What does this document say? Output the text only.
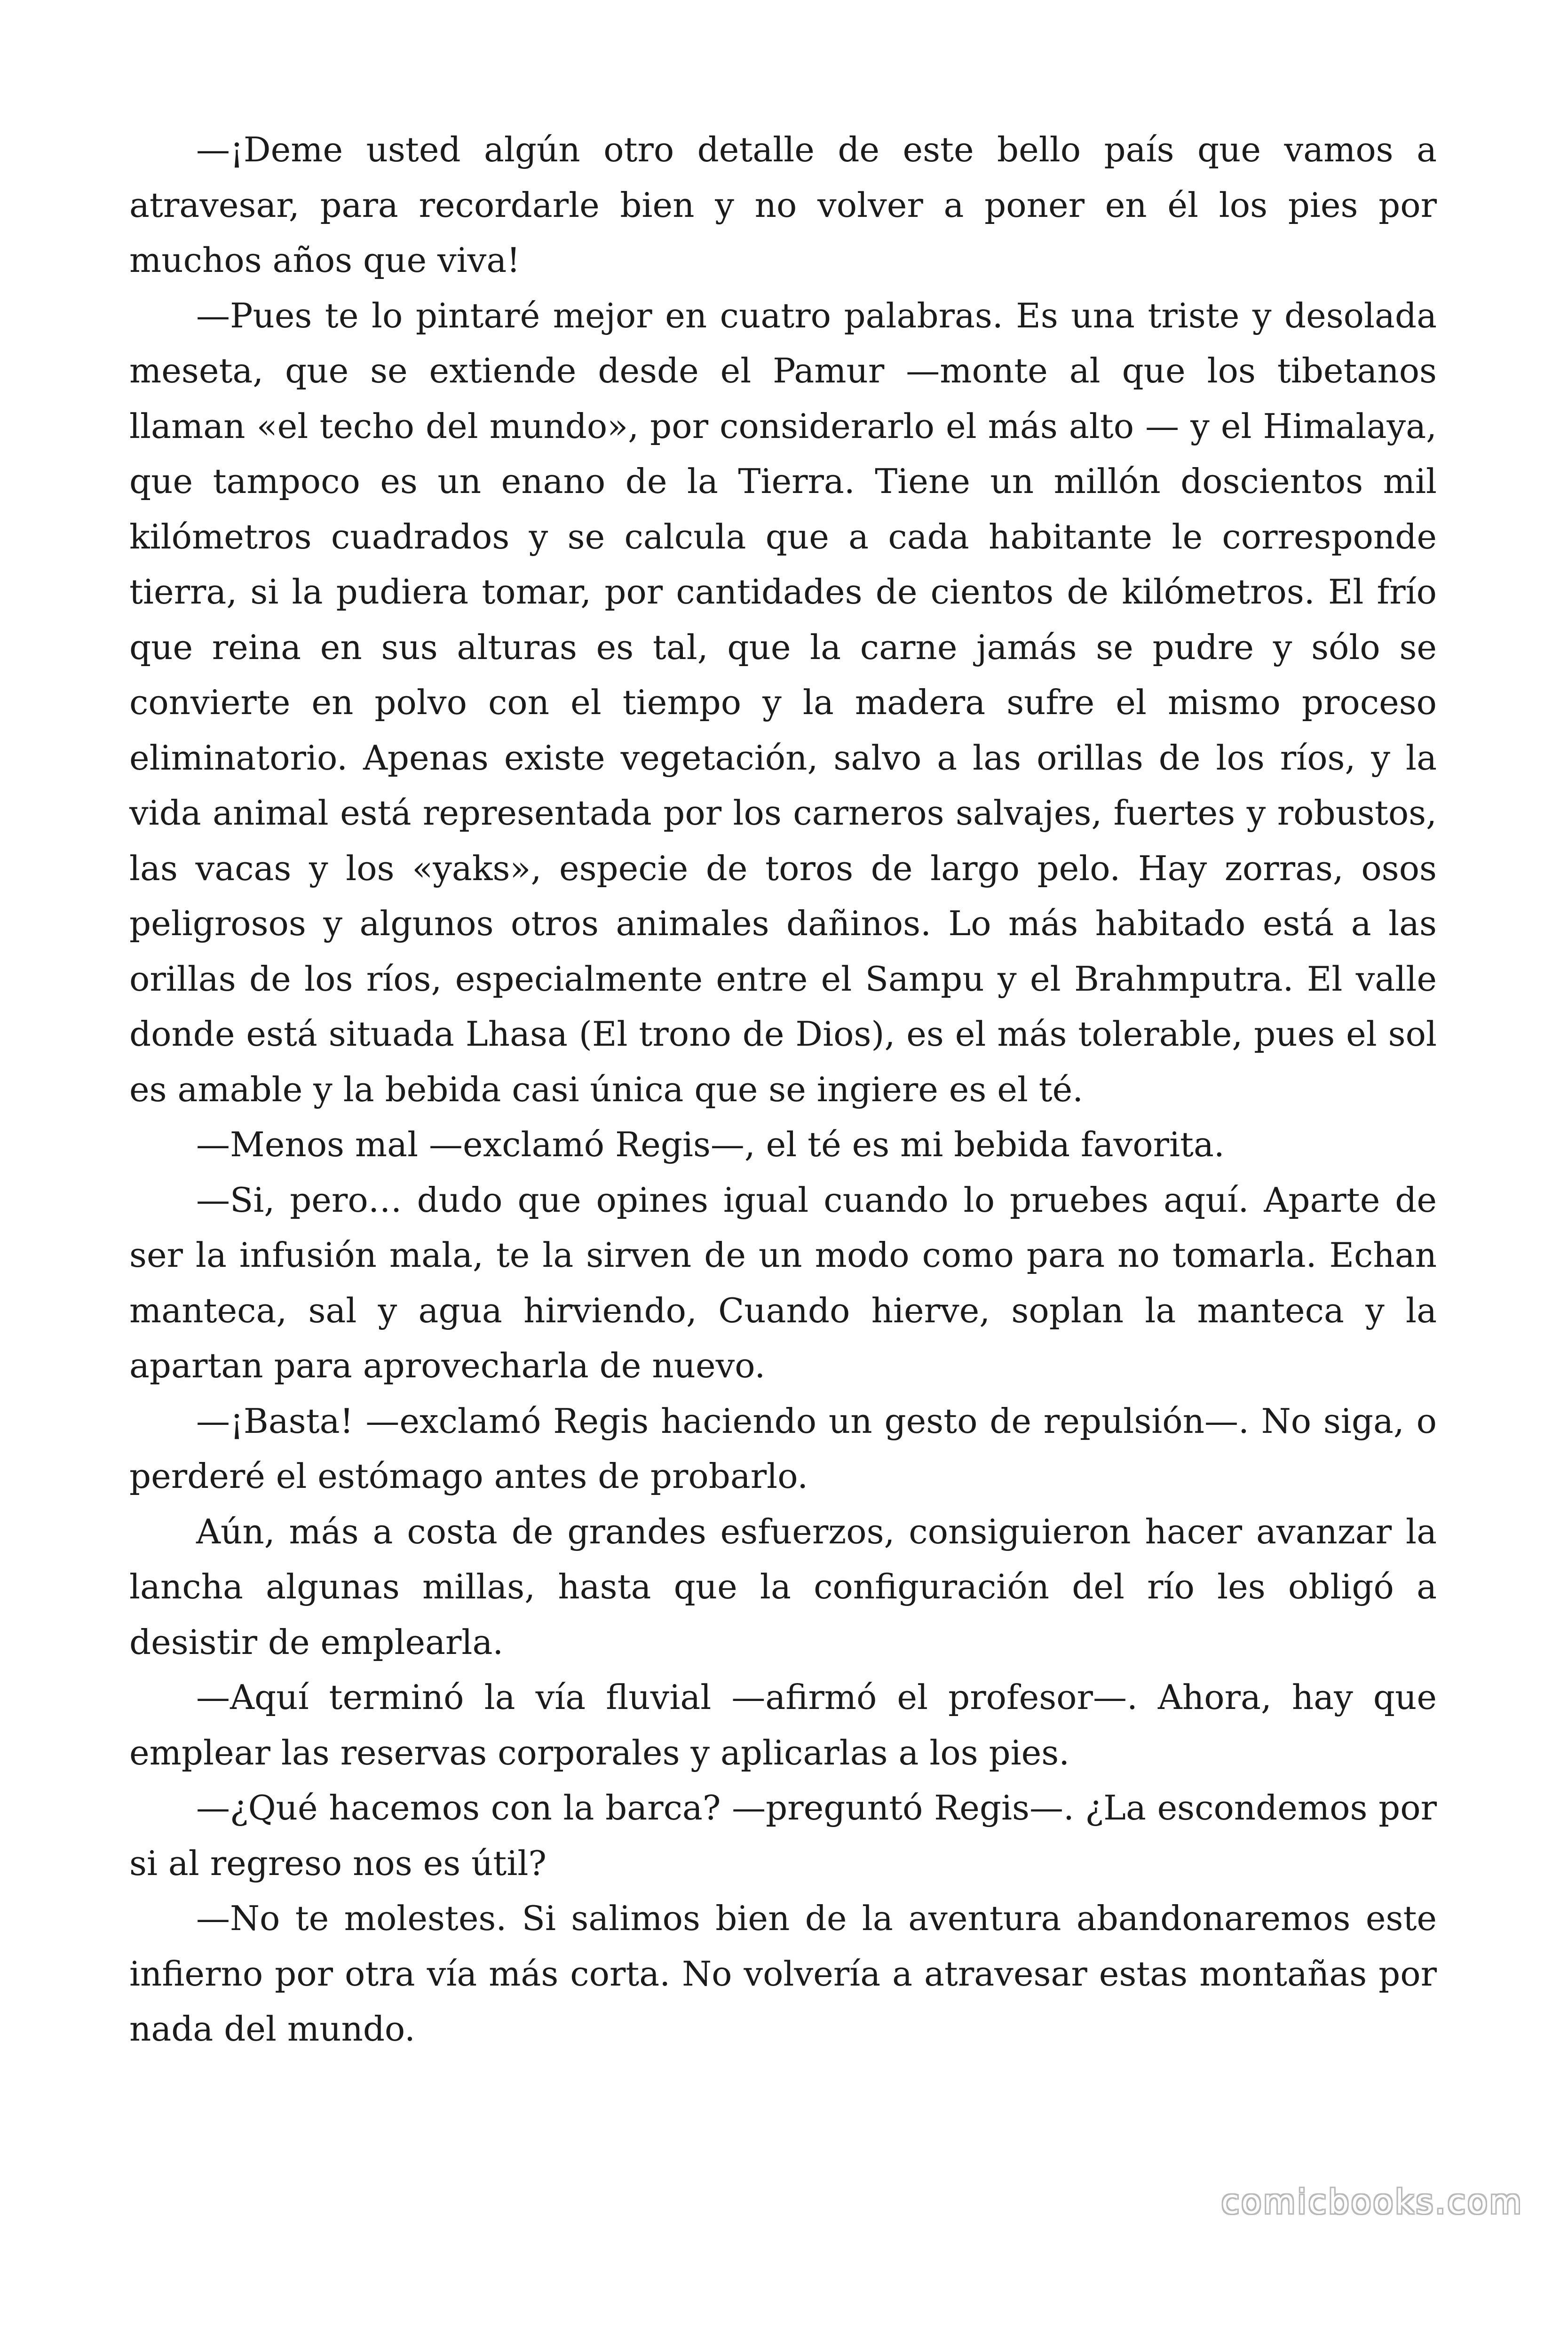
—¡Deme usted algún otro detalle de este bello país que vamos a atravesar, para recordarle bien y no volver a poner en él los pies por muchos años que viva!

—Pues te lo pintaré mejor en cuatro palabras. Es una triste y desolada meseta, que se extiende desde el Pamur —monte al que los tibetanos llaman «el techo del mundo», por considerarlo el más alto — y el Himalaya, que tampoco es un enano de la Tierra. Tiene un millón doscientos mil kilómetros cuadrados y se calcula que a cada habitante le corresponde tierra, si la pudiera tomar, por cantidades de cientos de kilómetros. El frío que reina en sus alturas es tal, que la carne jamás se pudre y sólo se convierte en polvo con el tiempo y la madera sufre el mismo proceso eliminatorio. Apenas existe vegetación, salvo a las orillas de los ríos, y la vida animal está representada por los carneros salvajes, fuertes y robustos, las vacas y los «yaks», especie de toros de largo pelo. Hay zorras, osos peligrosos y algunos otros animales dañinos. Lo más habitado está a las orillas de los ríos, especialmente entre el Sampu y el Brahmputra. El valle donde está situada Lhasa (El trono de Dios), es el más tolerable, pues el sol es amable y la bebida casi única que se ingiere es el té.

—Menos mal —exclamó Regis—, el té es mi bebida favorita.

—Si, pero… dudo que opines igual cuando lo pruebes aquí. Aparte de ser la infusión mala, te la sirven de un modo como para no tomarla. Echan manteca, sal y agua hirviendo, Cuando hierve, soplan la manteca y la apartan para aprovecharla de nuevo.

—¡Basta! —exclamó Regis haciendo un gesto de repulsión—. No siga, o perderé el estómago antes de probarlo.

Aún, más a costa de grandes esfuerzos, consiguieron hacer avanzar la lancha algunas millas, hasta que la configuración del río les obligó a desistir de emplearla.

—Aquí terminó la vía fluvial —afirmó el profesor—. Ahora, hay que emplear las reservas corporales y aplicarlas a los pies.

—¿Qué hacemos con la barca? —preguntó Regis—. ¿La escondemos por si al regreso nos es útil?

—No te molestes. Si salimos bien de la aventura abandonaremos este infierno por otra vía más corta. No volvería a atravesar estas montañas por nada del mundo.

comicbooks.com
